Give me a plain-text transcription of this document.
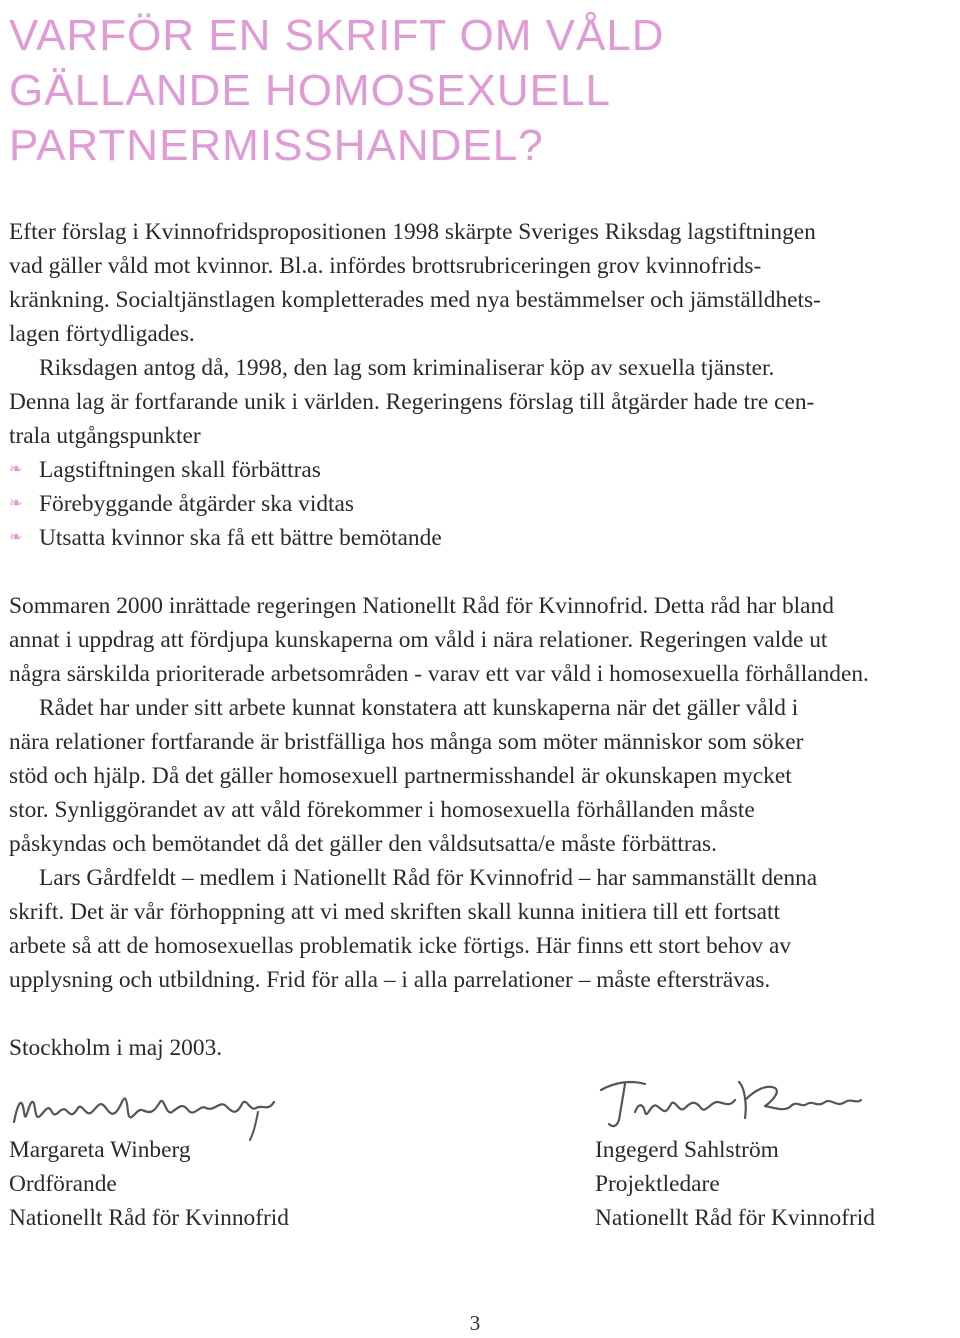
VARFÖR EN SKRIFT OM VÅLD
GÄLLANDE HOMOSEXUELL
PARTNERMISSHANDEL?
Efter förslag i Kvinnofridspropositionen 1998 skärpte Sveriges Riksdag lagstiftningen
vad gäller våld mot kvinnor. Bl.a. infördes brottsrubriceringen grov kvinnofrids-
kränkning. Socialtjänstlagen kompletterades med nya bestämmelser och jämställdhets-
lagen förtydligades.
Riksdagen antog då, 1998, den lag som kriminaliserar köp av sexuella tjänster.
Denna lag är fortfarande unik i världen. Regeringens förslag till åtgärder hade tre cen-
trala utgångspunkter
❧ Lagstiftningen skall förbättras
❧ Förebyggande åtgärder ska vidtas
❧ Utsatta kvinnor ska få ett bättre bemötande
Sommaren 2000 inrättade regeringen Nationellt Råd för Kvinnofrid. Detta råd har bland
annat i uppdrag att fördjupa kunskaperna om våld i nära relationer. Regeringen valde ut
några särskilda prioriterade arbetsområden - varav ett var våld i homosexuella förhållanden.
Rådet har under sitt arbete kunnat konstatera att kunskaperna när det gäller våld i
nära relationer fortfarande är bristfälliga hos många som möter människor som söker
stöd och hjälp. Då det gäller homosexuell partnermisshandel är okunskapen mycket
stor. Synliggörandet av att våld förekommer i homosexuella förhållanden måste
påskyndas och bemötandet då det gäller den våldsutsatta/e måste förbättras.
Lars Gårdfeldt – medlem i Nationellt Råd för Kvinnofrid – har sammanställt denna
skrift. Det är vår förhoppning att vi med skriften skall kunna initiera till ett fortsatt
arbete så att de homosexuellas problematik icke förtigs. Här finns ett stort behov av
upplysning och utbildning. Frid för alla – i alla parrelationer – måste eftersträvas.
Stockholm i maj 2003.
Margareta Winberg
Ordförande
Nationellt Råd för Kvinnofrid
Ingegerd Sahlström
Projektledare
Nationellt Råd för Kvinnofrid
3
